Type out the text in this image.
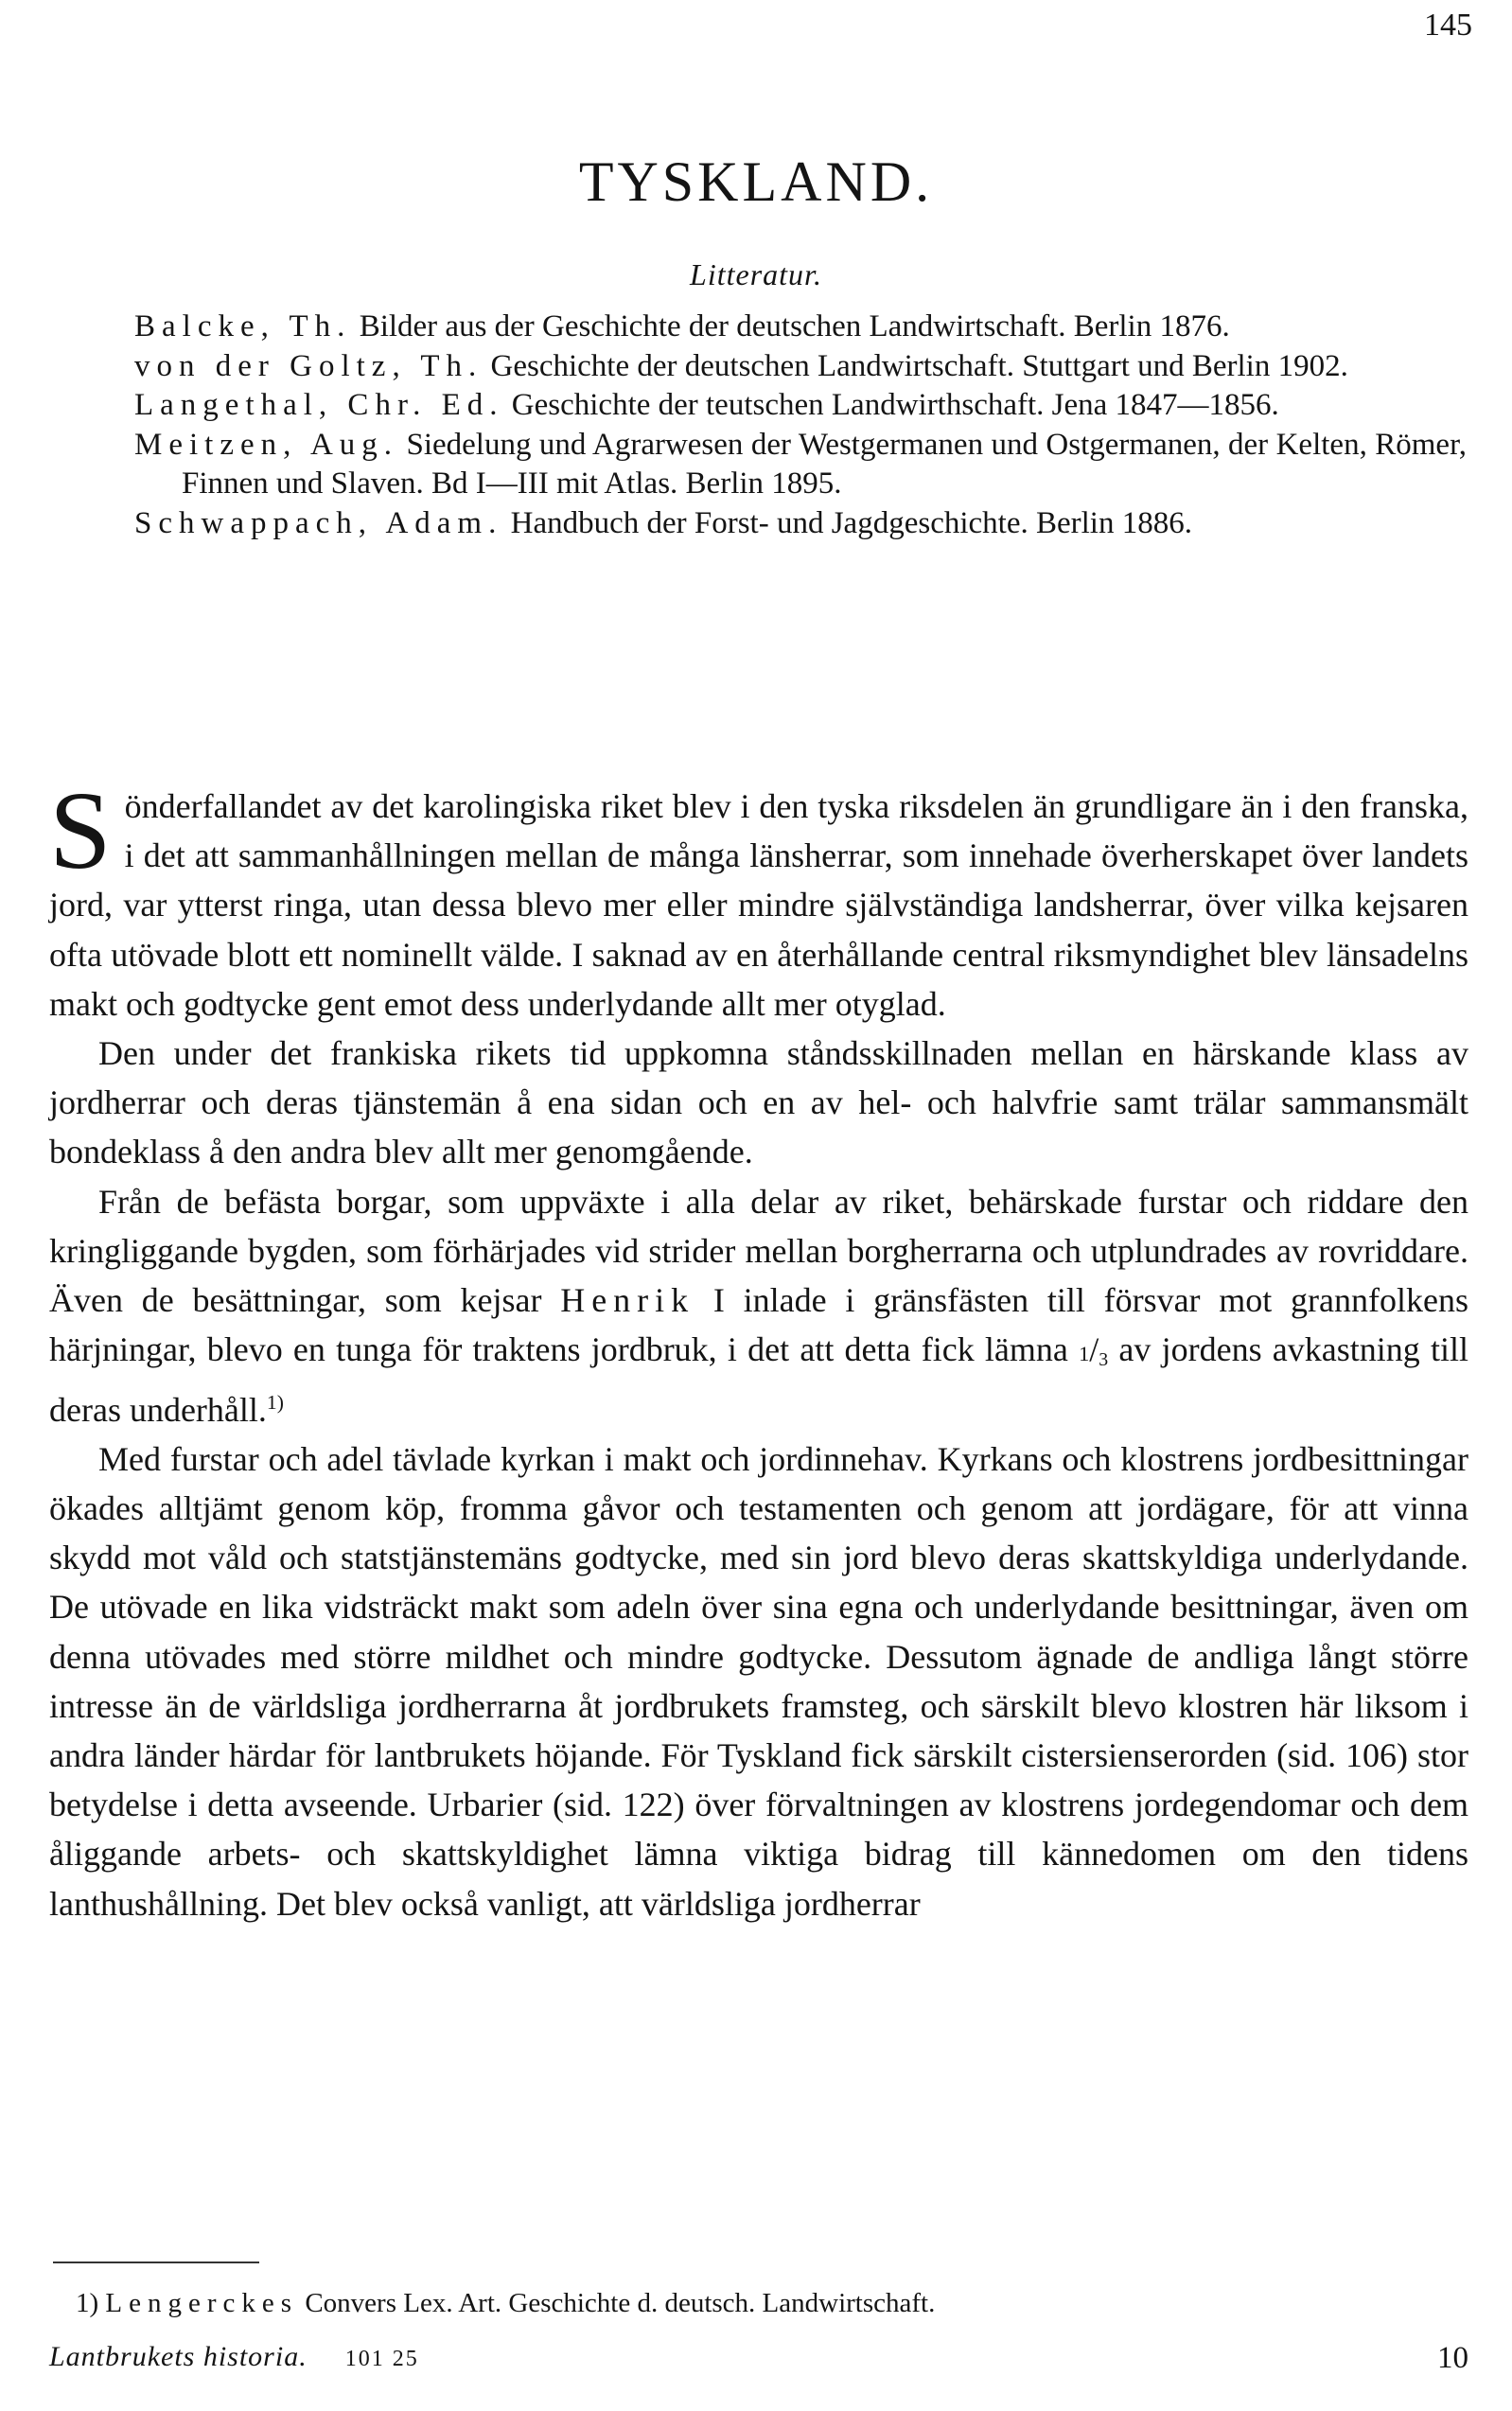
145
TYSKLAND.
Litteratur.
Balcke, Th. Bilder aus der Geschichte der deutschen Landwirtschaft. Berlin 1876.
von der Goltz, Th. Geschichte der deutschen Landwirtschaft. Stuttgart und Berlin 1902.
Langethal, Chr. Ed. Geschichte der teutschen Landwirthschaft. Jena 1847—1856.
Meitzen, Aug. Siedelung und Agrarwesen der Westgermanen und Ostgermanen, der Kelten, Römer, Finnen und Slaven. Bd I—III mit Atlas. Berlin 1895.
Schwappach, Adam. Handbuch der Forst- und Jagdgeschichte. Berlin 1886.

Sönderfallandet av det karolingiska riket blev i den tyska riksdelen än grundligare än i den franska, i det att sammanhållningen mellan de många länsherrar, som innehade överherskapet över landets jord, var ytterst ringa, utan dessa blevo mer eller mindre självständiga landsherrar, över vilka kejsaren ofta utövade blott ett nominellt välde. I saknad av en återhållande central riksmyndighet blev länsadelns makt och godtycke gent emot dess underlydande allt mer otyglad.

Den under det frankiska rikets tid uppkomna ståndsskillnaden mellan en härskande klass av jordherrar och deras tjänstemän å ena sidan och en av hel- och halvfrie samt trälar sammansmält bondeklass å den andra blev allt mer genomgående.

Från de befästa borgar, som uppväxte i alla delar av riket, behärskade furstar och riddare den kringliggande bygden, som förhärjades vid strider mellan borgherrarna och utplundrades av rovriddare. Även de besättningar, som kejsar Henrik I inlade i gränsfästen till försvar mot grannfolkens härjningar, blevo en tunga för traktens jordbruk, i det att detta fick lämna $^1/_3$ av jordens avkastning till deras underhåll.$^{1)}$

Med furstar och adel tävlade kyrkan i makt och jordinnehav. Kyrkans och klostrens jordbesittningar ökades alltjämt genom köp, fromma gåvor och testamenten och genom att jordägare, för att vinna skydd mot våld och statstjänstemäns godtycke, med sin jord blevo deras skattskyldiga underlydande. De utövade en lika vidsträckt makt som adeln över sina egna och underlydande besittningar, även om denna utövades med större mildhet och mindre godtycke. Dessutom ägnade de andliga långt större intresse än de världsliga jordherrarna åt jordbrukets framsteg, och särskilt blevo klostren här liksom i andra länder härdar för lantbrukets höjande. För Tyskland fick särskilt cistersienserorden (sid. 106) stor betydelse i detta avseende. Urbarier (sid. 122) över förvaltningen av klostrens jordegendomar och dem åliggande arbets- och skattskyldighet lämna viktiga bidrag till kännedomen om den tidens lanthushållning. Det blev också vanligt, att världsliga jordherrar

1) Lengerckes Convers Lex. Art. Geschichte d. deutsch. Landwirtschaft.
Lantbrukets historia. 101 25	10
